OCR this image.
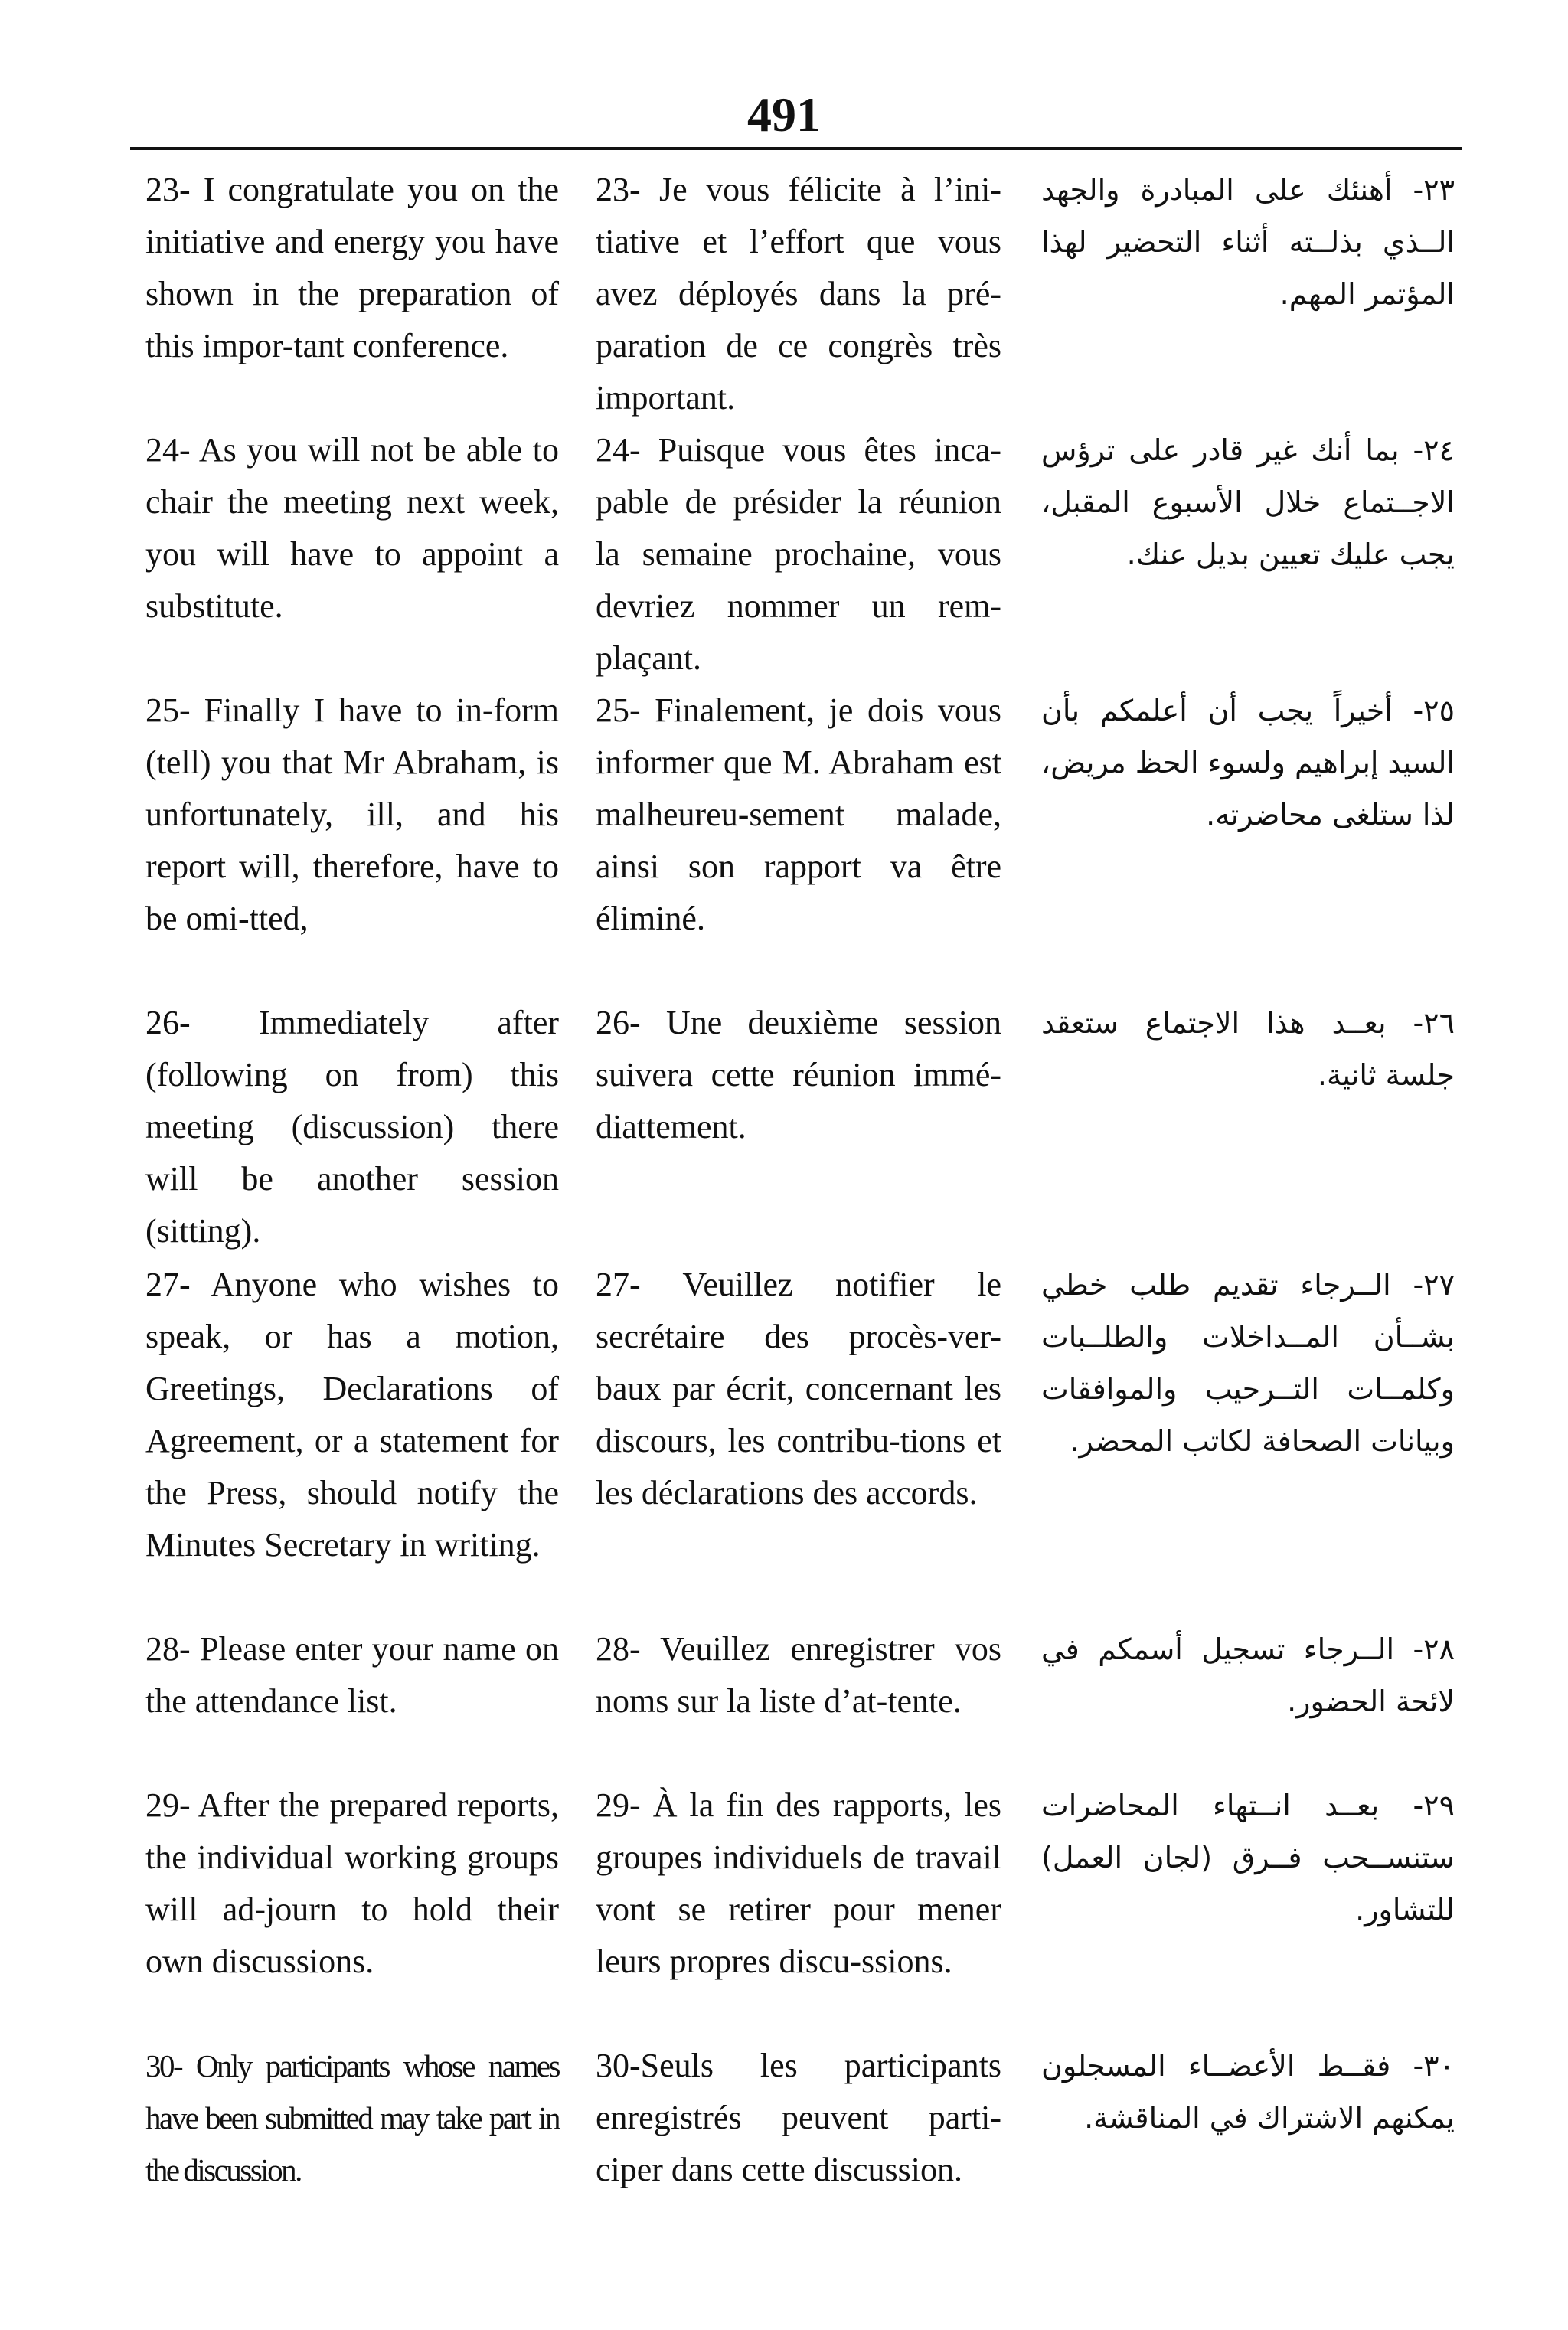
491
23- I congratulate you on the initiative and energy you have shown in the preparation of this impor-tant conference.
23- Je vous félicite à l’ini-tiative et l’effort que vous avez déployés dans la pré-paration de ce congrès très important.
٢٣- أهنئك على المبادرة والجهد الــذي بذلــته أثناء التحضير لهذا المؤتمر المهم.
24- As you will not be able to chair the meeting next week, you will have to appoint a substitute.
24- Puisque vous êtes inca-pable de présider la réunion la semaine prochaine, vous devriez nommer un rem-plaçant.
٢٤- بما أنك غير قادر على ترؤس الاجــتماع خلال الأسبوع المقبل، يجب عليك تعيين بديل عنك.
25- Finally I have to in-form (tell) you that Mr Abraham, is unfortunately, ill, and his report will, therefore, have to be omi-tted,
25- Finalement, je dois vous informer que M. Abraham est malheureu-sement malade, ainsi son rapport va être éliminé.
٢٥- أخيراً يجب أن أعلمكم بأن السيد إبراهيم ولسوء الحظ مريض، لذا ستلغى محاضرته.
26- Immediately after (following on from) this meeting (discussion) there will be another session (sitting).
26- Une deuxième session suivera cette réunion immé-diattement.
٢٦- بعــد هذا الاجتماع ستعقد جلسة ثانية.
27- Anyone who wishes to speak, or has a motion, Greetings, Declarations of Agreement, or a statement for the Press, should notify the Minutes Secretary in writing.
27- Veuillez notifier le secrétaire des procès-ver-baux par écrit, concernant les discours, les contribu-tions et les déclarations des accords.
٢٧- الــرجاء تقديم طلب خطي بشــأن المــداخلات والطلــبات وكلمــات التــرحيب والموافقات وبيانات الصحافة لكاتب المحضر.
28- Please enter your name on the attendance list.
28- Veuillez enregistrer vos noms sur la liste d’at-tente.
٢٨- الــرجاء تسجيل أسمكم في لائحة الحضور.
29- After the prepared reports, the individual working groups will ad-journ to hold their own discussions.
29- À la fin des rapports, les groupes individuels de travail vont se retirer pour mener leurs propres discu-ssions.
٢٩- بعــد انــتهاء المحاضرات ستنســحب فــرق (لجان العمل) للتشاور.
30- Only participants whose names have been submitted may take part in the discussion.
30-Seuls les participants enregistrés peuvent parti-ciper dans cette discussion.
٣٠- فقــط الأعضــاء المسجلون يمكنهم الاشتراك في المناقشة.
